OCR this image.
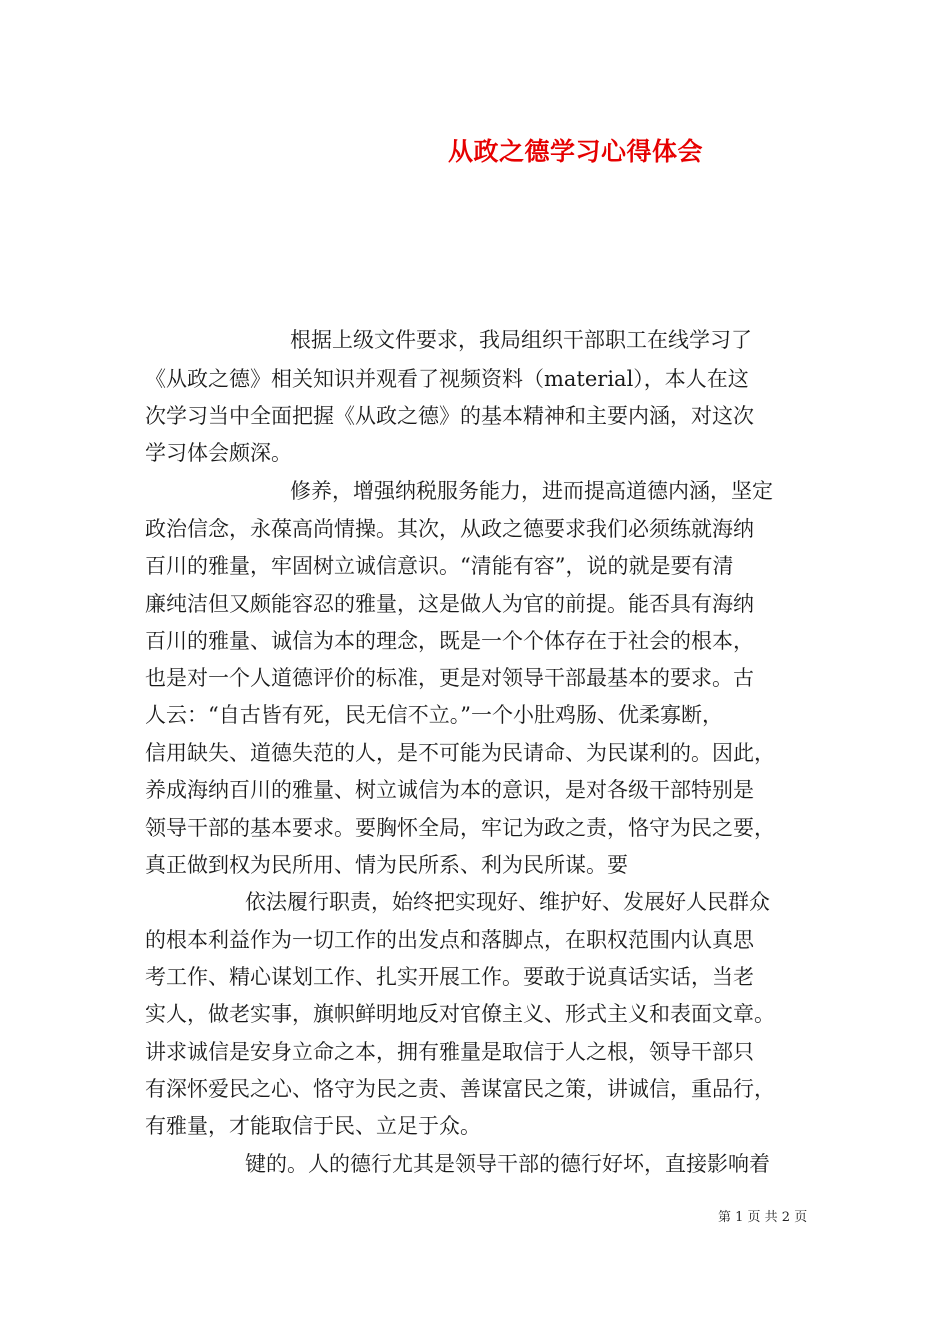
从政之德学习心得体会
根据上级文件要求，我局组织干部职工在线学习了
《从政之德》相关知识并观看了视频资料（material），本人在这
次学习当中全面把握《从政之德》的基本精神和主要内涵，对这次
学习体会颇深。
修养，增强纳税服务能力，进而提高道德内涵，坚定
政治信念，永葆高尚情操。其次，从政之德要求我们必须练就海纳
百川的雅量，牢固树立诚信意识。“清能有容”，说的就是要有清
廉纯洁但又颇能容忍的雅量，这是做人为官的前提。能否具有海纳
百川的雅量、诚信为本的理念，既是一个个体存在于社会的根本，
也是对一个人道德评价的标准，更是对领导干部最基本的要求。古
人云：“自古皆有死，民无信不立。”一个小肚鸡肠、优柔寡断，
信用缺失、道德失范的人，是不可能为民请命、为民谋利的。因此，
养成海纳百川的雅量、树立诚信为本的意识，是对各级干部特别是
领导干部的基本要求。要胸怀全局，牢记为政之责，恪守为民之要，
真正做到权为民所用、情为民所系、利为民所谋。要
依法履行职责，始终把实现好、维护好、发展好人民群众
的根本利益作为一切工作的出发点和落脚点，在职权范围内认真思
考工作、精心谋划工作、扎实开展工作。要敢于说真话实话，当老
实人，做老实事，旗帜鲜明地反对官僚主义、形式主义和表面文章。
讲求诚信是安身立命之本，拥有雅量是取信于人之根，领导干部只
有深怀爱民之心、恪守为民之责、善谋富民之策，讲诚信，重品行，
有雅量，才能取信于民、立足于众。
键的。人的德行尤其是领导干部的德行好坏，直接影响着
第 1 页 共 2 页
